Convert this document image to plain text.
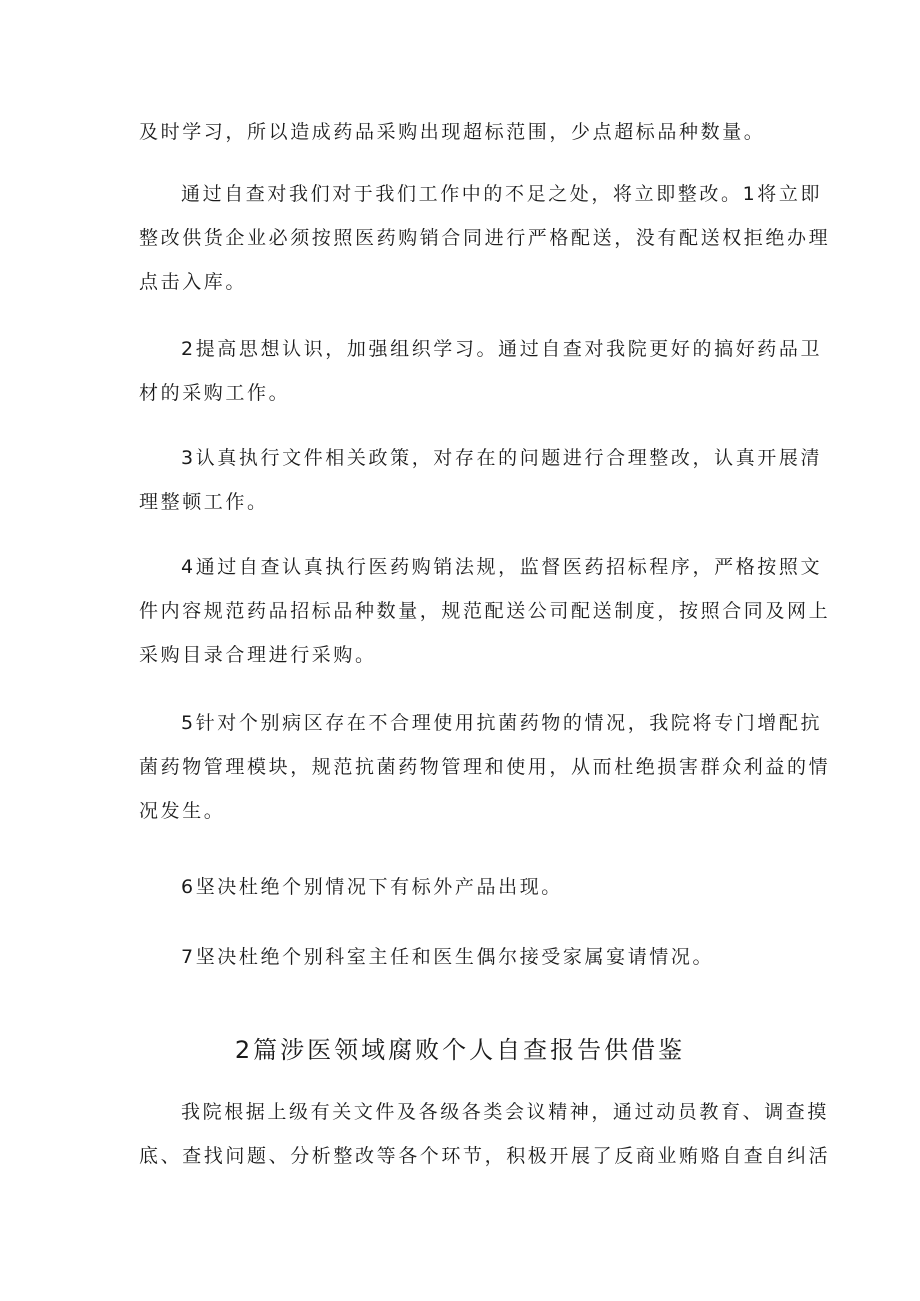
及时学习，所以造成药品采购出现超标范围，少点超标品种数量。
通过自查对我们对于我们工作中的不足之处，将立即整改。1将立即
整改供货企业必须按照医药购销合同进行严格配送，没有配送权拒绝办理
点击入库。
2提高思想认识，加强组织学习。通过自查对我院更好的搞好药品卫
材的采购工作。
3认真执行文件相关政策，对存在的问题进行合理整改，认真开展清
理整顿工作。
4通过自查认真执行医药购销法规，监督医药招标程序，严格按照文
件内容规范药品招标品种数量，规范配送公司配送制度，按照合同及网上
采购目录合理进行采购。
5针对个别病区存在不合理使用抗菌药物的情况，我院将专门增配抗
菌药物管理模块，规范抗菌药物管理和使用，从而杜绝损害群众利益的情
况发生。
6坚决杜绝个别情况下有标外产品出现。
7坚决杜绝个别科室主任和医生偶尔接受家属宴请情况。
2篇涉医领域腐败个人自查报告供借鉴
我院根据上级有关文件及各级各类会议精神，通过动员教育、调查摸
底、查找问题、分析整改等各个环节，积极开展了反商业贿赂自查自纠活
